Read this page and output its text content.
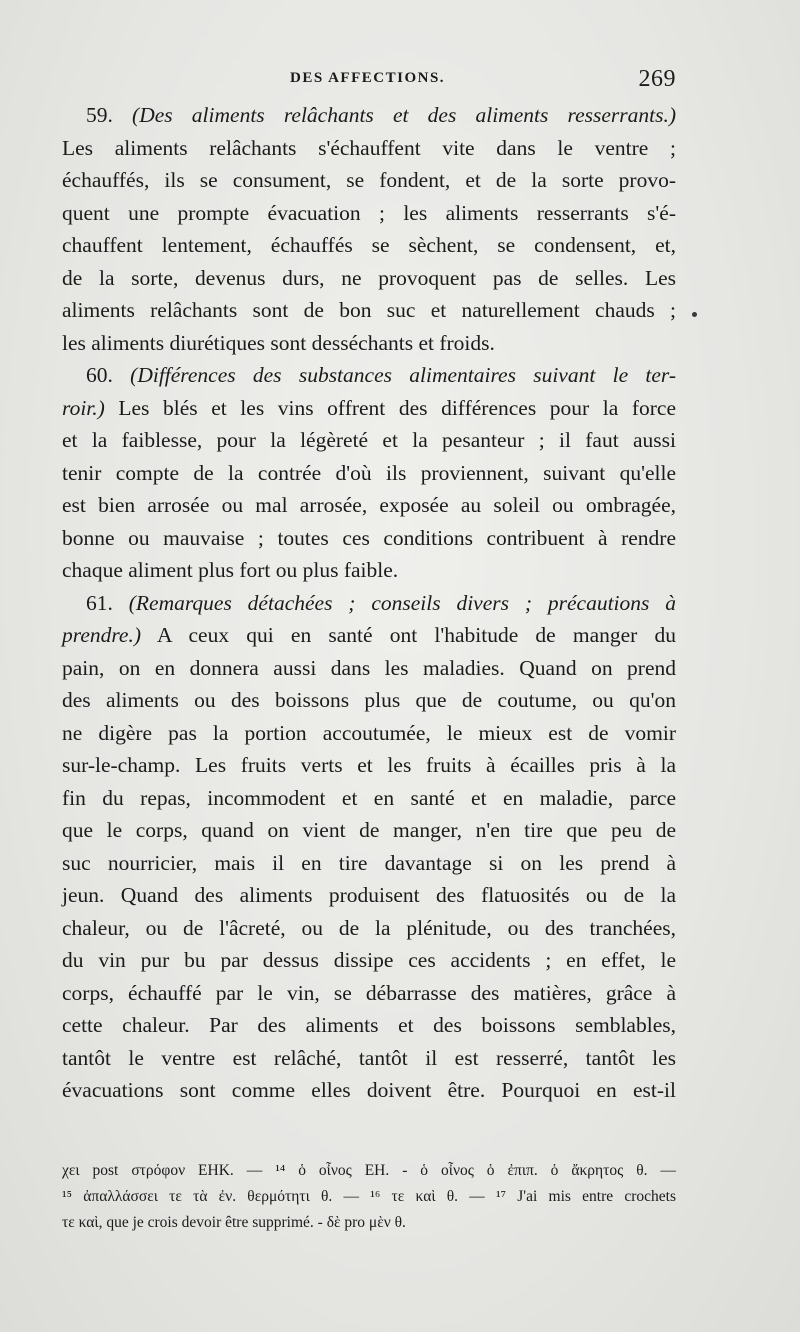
DES AFFECTIONS.	269
59. (Des aliments relâchants et des aliments resserrants.)
Les aliments relâchants s'échauffent vite dans le ventre ;
échauffés, ils se consument, se fondent, et de la sorte provo-
quent une prompte évacuation ; les aliments resserrants s'é-
chauffent lentement, échauffés se sèchent, se condensent, et,
de la sorte, devenus durs, ne provoquent pas de selles. Les
aliments relâchants sont de bon suc et naturellement chauds ;
les aliments diurétiques sont desséchants et froids.
60. (Différences des substances alimentaires suivant le ter-
roir.) Les blés et les vins offrent des différences pour la force
et la faiblesse, pour la légèreté et la pesanteur ; il faut aussi
tenir compte de la contrée d'où ils proviennent, suivant qu'elle
est bien arrosée ou mal arrosée, exposée au soleil ou ombragée,
bonne ou mauvaise ; toutes ces conditions contribuent à rendre
chaque aliment plus fort ou plus faible.
61. (Remarques détachées ; conseils divers ; précautions à
prendre.) A ceux qui en santé ont l'habitude de manger du
pain, on en donnera aussi dans les maladies. Quand on prend
des aliments ou des boissons plus que de coutume, ou qu'on
ne digère pas la portion accoutumée, le mieux est de vomir
sur-le-champ. Les fruits verts et les fruits à écailles pris à la
fin du repas, incommodent et en santé et en maladie, parce
que le corps, quand on vient de manger, n'en tire que peu de
suc nourricier, mais il en tire davantage si on les prend à
jeun. Quand des aliments produisent des flatuosités ou de la
chaleur, ou de l'âcreté, ou de la plénitude, ou des tranchées,
du vin pur bu par dessus dissipe ces accidents ; en effet, le
corps, échauffé par le vin, se débarrasse des matières, grâce à
cette chaleur. Par des aliments et des boissons semblables,
tantôt le ventre est relâché, tantôt il est resserré, tantôt les
évacuations sont comme elles doivent être. Pourquoi en est-il
χει post στρόφον EHK. — ¹⁴ ὁ οἶνος EH. - ὁ οἶνος ὁ ἐπιπ. ὁ ἄκρητος θ. —
¹⁵ ἀπαλλάσσει τε τὰ ἐν. θερμότητι θ. — ¹⁶ τε καὶ θ. — ¹⁷ J'ai mis entre crochets
τε καὶ, que je crois devoir être supprimé. - δὲ pro μὲν θ.
